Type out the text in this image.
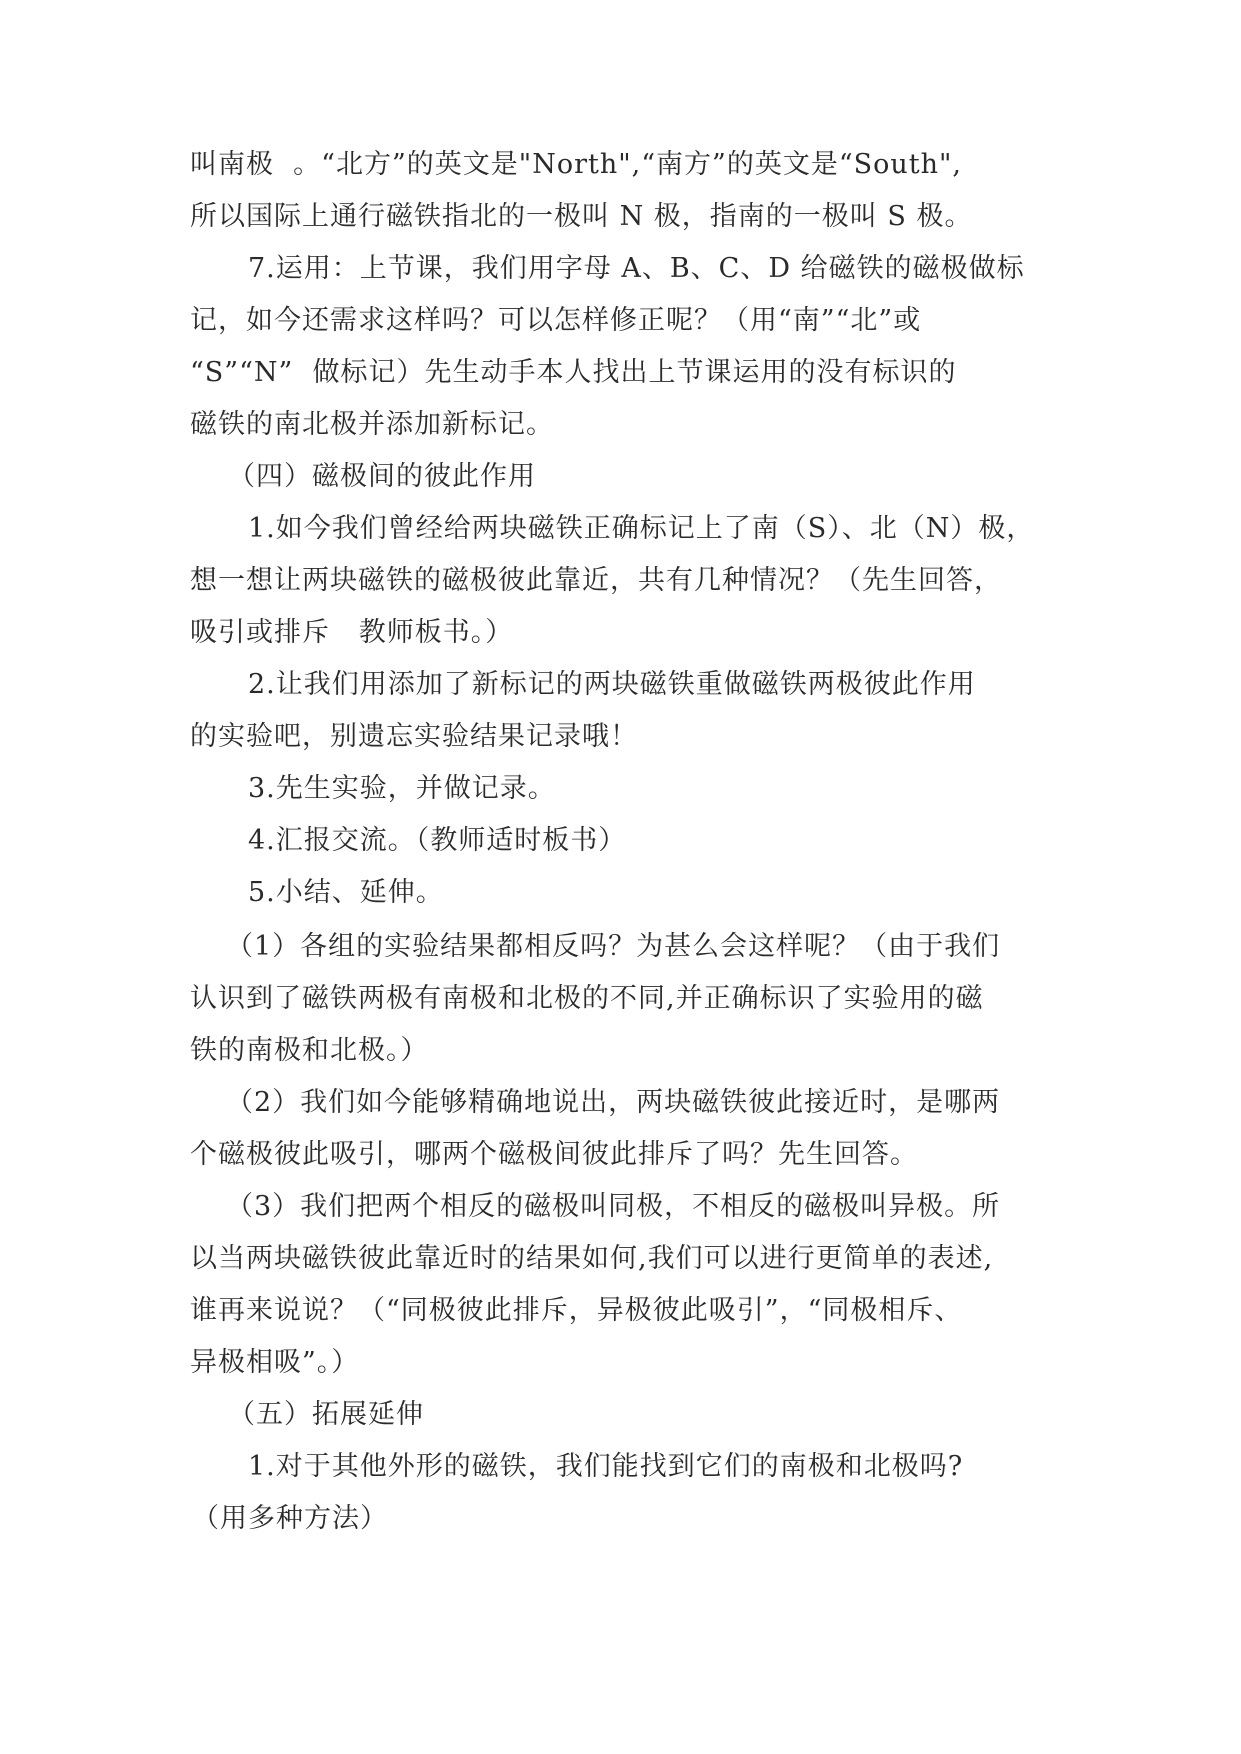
叫南极  。“北方”的英文是"North",“南方”的英文是“South",
所以国际上通行磁铁指北的一极叫 N 极，指南的一极叫 S 极。
7.运用：上节课，我们用字母 A、B、C、D 给磁铁的磁极做标
记，如今还需求这样吗？可以怎样修正呢？（用“南”“北”或
“S”“N”  做标记）先生动手本人找出上节课运用的没有标识的
磁铁的南北极并添加新标记。
（四）磁极间的彼此作用
1.如今我们曾经给两块磁铁正确标记上了南（S）、北（N）极，
想一想让两块磁铁的磁极彼此靠近，共有几种情况？（先生回答，
吸引或排斥   教师板书。）
2.让我们用添加了新标记的两块磁铁重做磁铁两极彼此作用
的实验吧，别遗忘实验结果记录哦！
3.先生实验，并做记录。
4.汇报交流。（教师适时板书）
5.小结、延伸。
（1）各组的实验结果都相反吗？为甚么会这样呢？（由于我们
认识到了磁铁两极有南极和北极的不同,并正确标识了实验用的磁
铁的南极和北极。）
（2）我们如今能够精确地说出，两块磁铁彼此接近时，是哪两
个磁极彼此吸引，哪两个磁极间彼此排斥了吗？先生回答。
（3）我们把两个相反的磁极叫同极，不相反的磁极叫异极。所
以当两块磁铁彼此靠近时的结果如何,我们可以进行更简单的表述,
谁再来说说？（“同极彼此排斥，异极彼此吸引”，“同极相斥、
异极相吸”。）
（五）拓展延伸
1.对于其他外形的磁铁，我们能找到它们的南极和北极吗?
（用多种方法）
